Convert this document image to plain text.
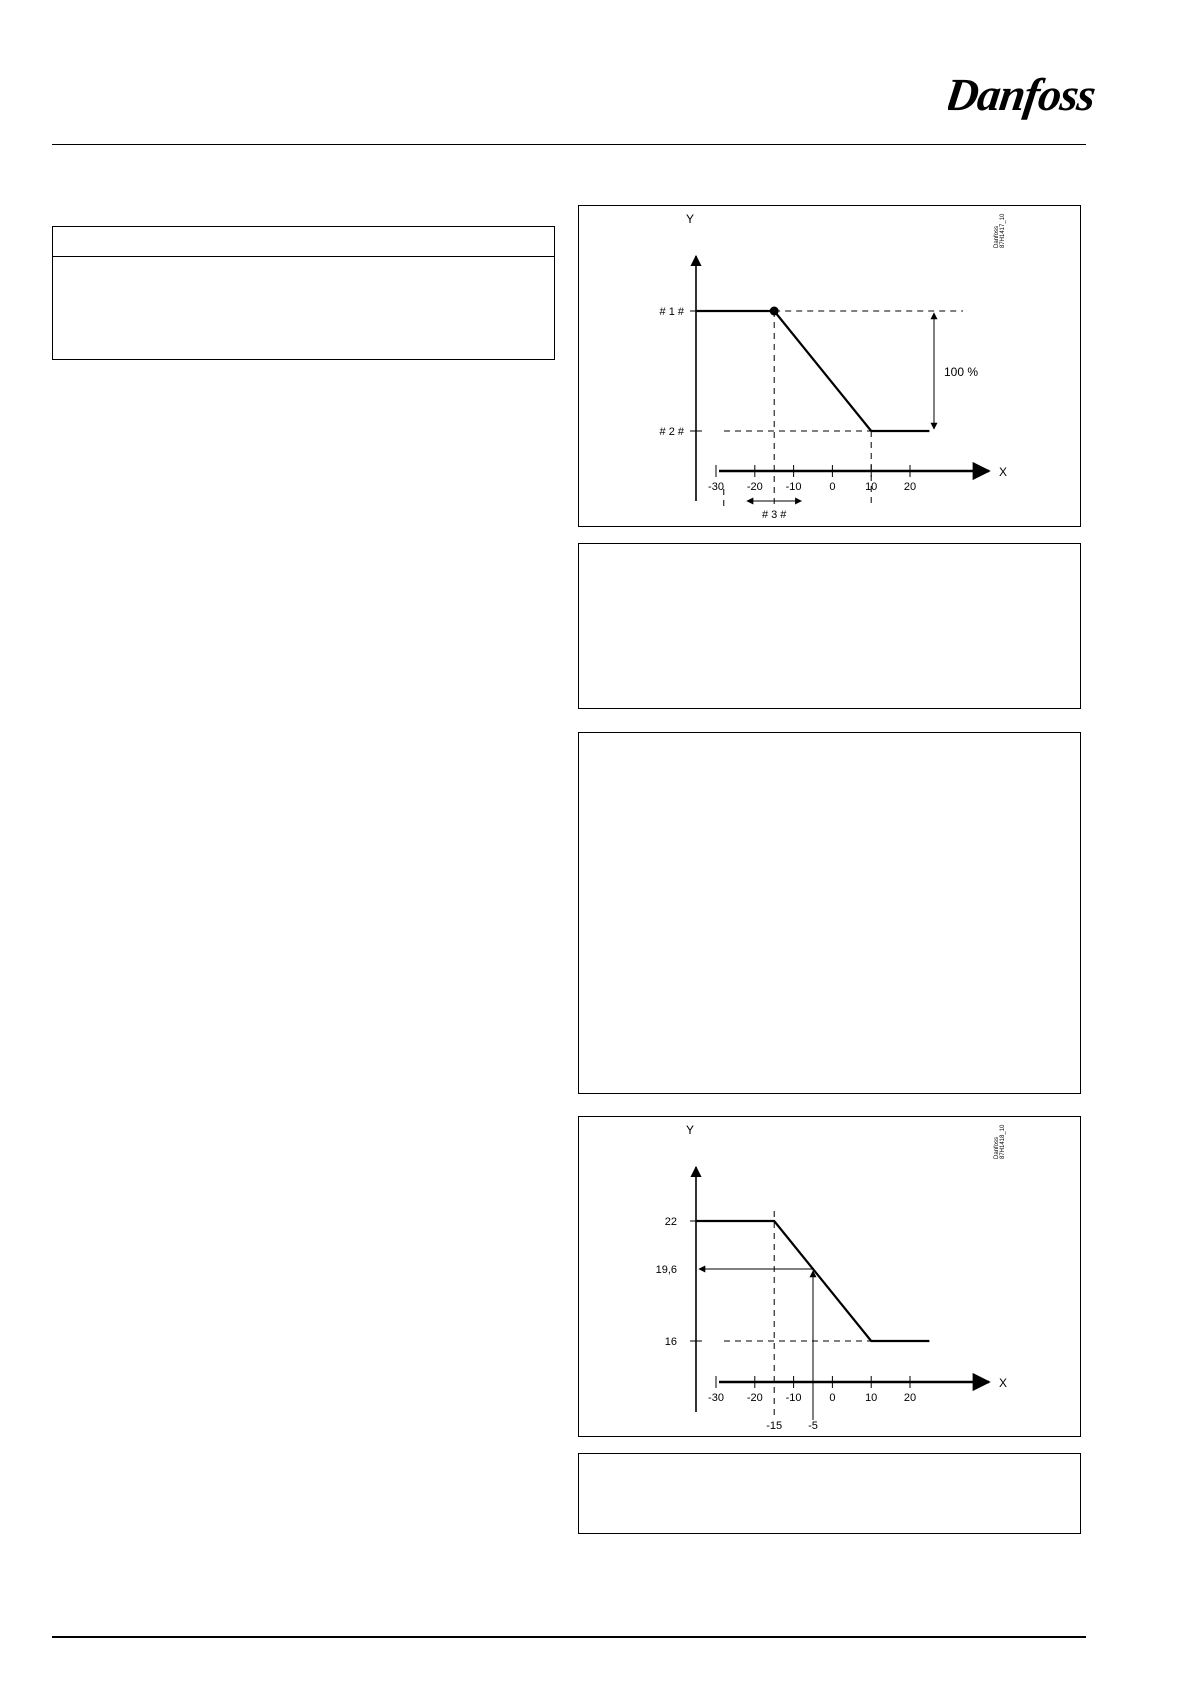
Danfoss
Y
X
-30 -20 -10	0	10 20
Danfoss 87H1417_10
# 1 #
# 2 #
100 %
# 3 #
Y
X
-30 -20 -10	0	10 20
Danfoss 87H1418_10
22
19,6
16
-15 -5
